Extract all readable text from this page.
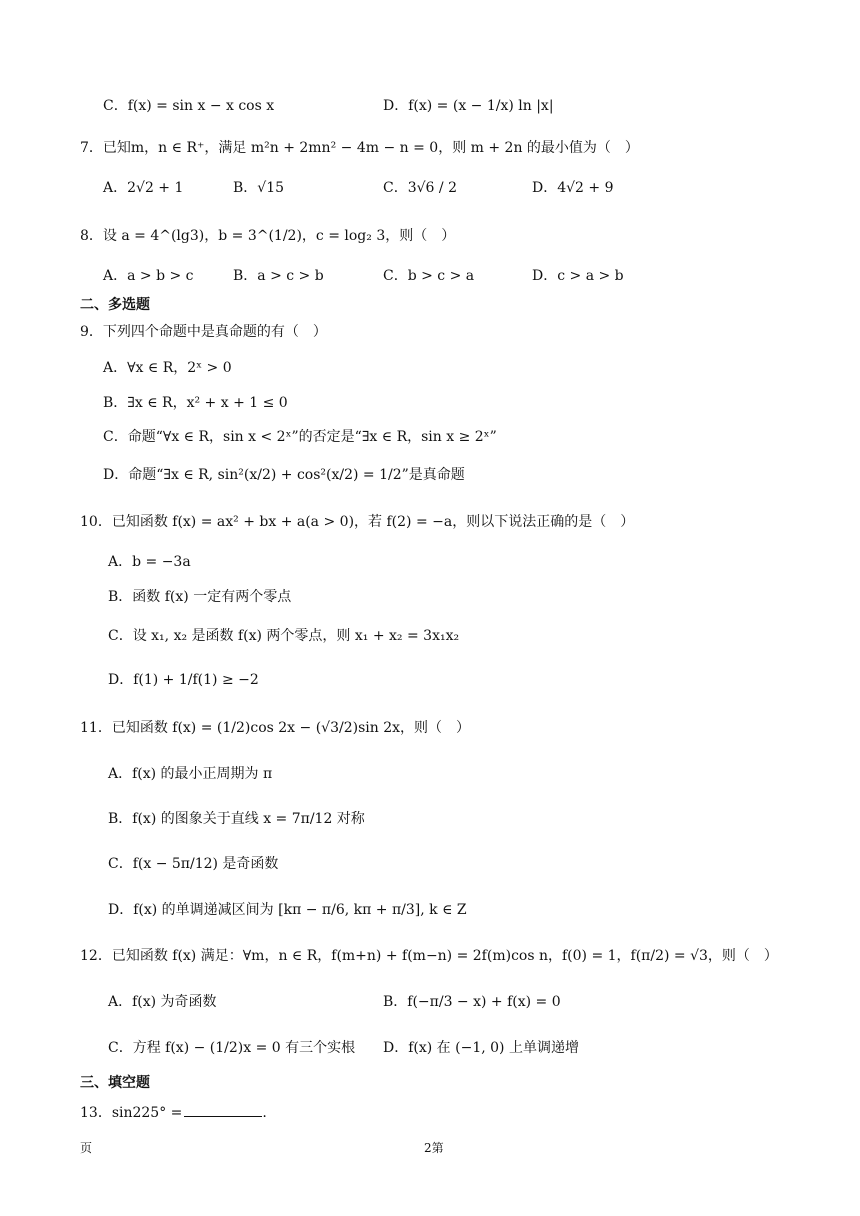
C．f(x) = sin x − x cos x	D．f(x) = (x − 1/x) ln |x|
7．已知m，n ∈ R⁺，满足 m²n + 2mn² − 4m − n = 0，则 m + 2n 的最小值为（　）
A．2√2 + 1	B．√15	C．3√6 / 2	D．4√2 + 9
8．设 a = 4^(lg3)，b = 3^(1/2)，c = log₂ 3，则（　）
A．a > b > c	B．a > c > b	C．b > c > a	D．c > a > b
二、多选题
9．下列四个命题中是真命题的有（　）
A．∀x ∈ R，2ˣ > 0
B．∃x ∈ R，x² + x + 1 ≤ 0
C．命题“∀x ∈ R，sin x < 2ˣ”的否定是“∃x ∈ R，sin x ≥ 2ˣ”
D．命题“∃x ∈ R, sin²(x/2) + cos²(x/2) = 1/2”是真命题
10．已知函数 f(x) = ax² + bx + a(a > 0)，若 f(2) = −a，则以下说法正确的是（　）
A．b = −3a
B．函数 f(x) 一定有两个零点
C．设 x₁, x₂ 是函数 f(x) 两个零点，则 x₁ + x₂ = 3x₁x₂
D．f(1) + 1/f(1) ≥ −2
11．已知函数 f(x) = (1/2)cos 2x − (√3/2)sin 2x，则（　）
A．f(x) 的最小正周期为 π
B．f(x) 的图象关于直线 x = 7π/12 对称
C．f(x − 5π/12) 是奇函数
D．f(x) 的单调递减区间为 [kπ − π/6, kπ + π/3], k ∈ Z
12．已知函数 f(x) 满足：∀m，n ∈ R，f(m+n) + f(m−n) = 2f(m)cos n，f(0) = 1，f(π/2) = √3，则（　）
A．f(x) 为奇函数	B．f(−π/3 − x) + f(x) = 0
C．方程 f(x) − (1/2)x = 0 有三个实根 D．f(x) 在 (−1, 0) 上单调递增
三、填空题
13．sin225° =	.
页	2第
